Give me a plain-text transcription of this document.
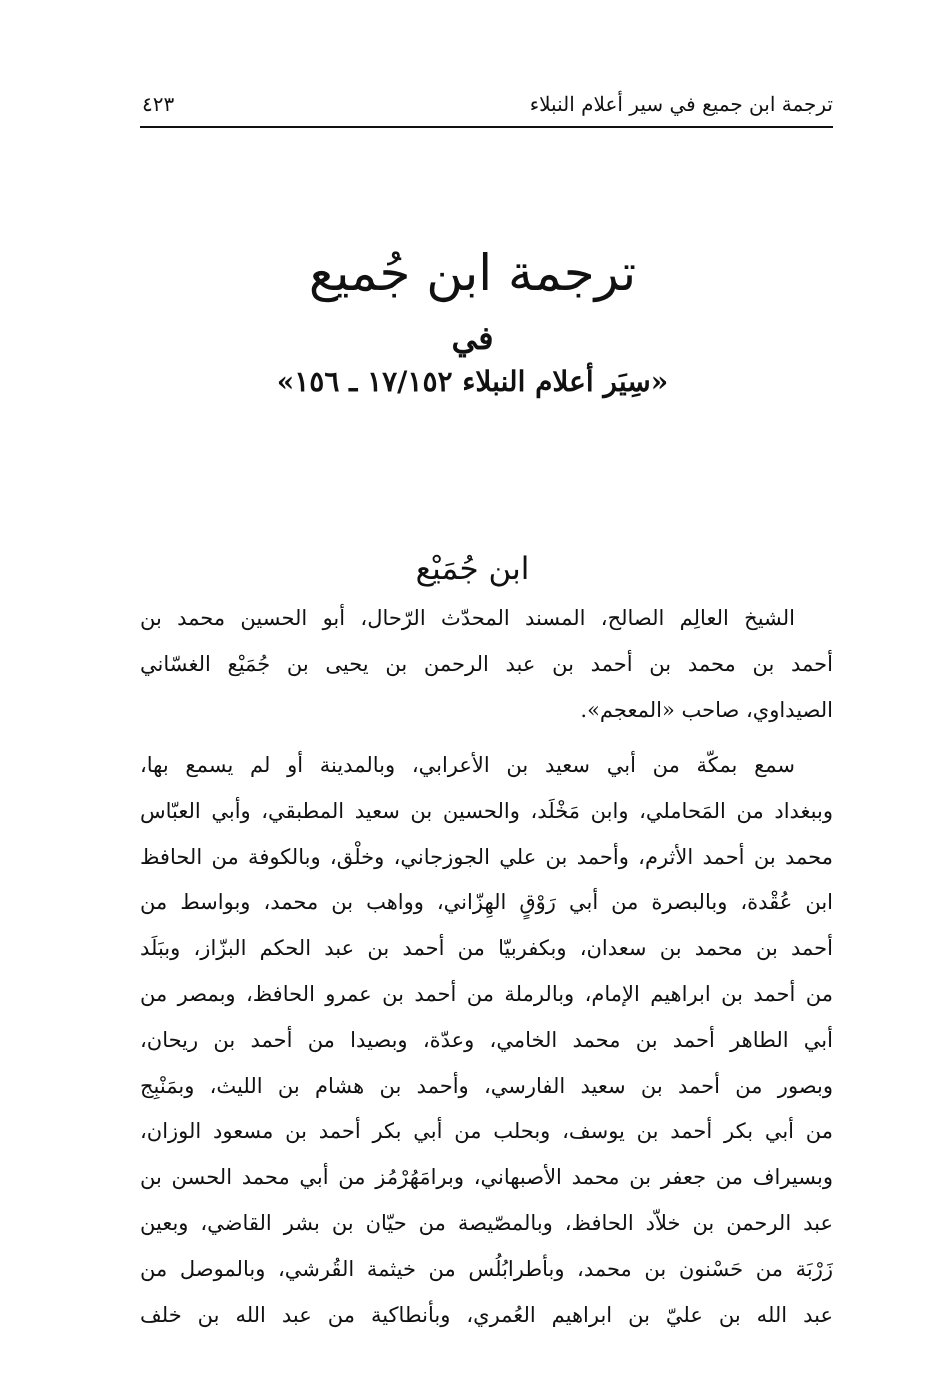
ترجمة ابن جميع في سير أعلام النبلاء
٤٢٣
ترجمة ابن جُميع
في
«سِيَر أعلام النبلاء ١٧/١٥٢ ـ ١٥٦»
ابن جُمَيْع
الشيخ العالِم الصالح، المسند المحدّث الرّحال، أبو الحسين محمد بن
أحمد بن محمد بن أحمد بن عبد الرحمن بن يحيى بن جُمَيْع الغسّاني
الصيداوي، صاحب «المعجم».
سمع بمكّة من أبي سعيد بن الأعرابي، وبالمدينة أو لم يسمع بها،
وببغداد من المَحاملي، وابن مَخْلَد، والحسين بن سعيد المطبقي، وأبي العبّاس
محمد بن أحمد الأثرم، وأحمد بن علي الجوزجاني، وخلْق، وبالكوفة من الحافظ
ابن عُقْدة، وبالبصرة من أبي رَوْقٍ الهِزّاني، وواهب بن محمد، وبواسط من
أحمد بن محمد بن سعدان، وبكفربيّا من أحمد بن عبد الحكم البزّاز، وببَلَد
من أحمد بن ابراهيم الإمام، وبالرملة من أحمد بن عمرو الحافظ، وبمصر من
أبي الطاهر أحمد بن محمد الخامي، وعدّة، وبصيدا من أحمد بن ريحان،
وبصور من أحمد بن سعيد الفارسي، وأحمد بن هشام بن الليث، وبمَنْبِج
من أبي بكر أحمد بن يوسف، وبحلب من أبي بكر أحمد بن مسعود الوزان،
وبسيراف من جعفر بن محمد الأصبهاني، وبرامَهُرْمُز من أبي محمد الحسن بن
عبد الرحمن بن خلاّد الحافظ، وبالمصّيصة من حيّان بن بشر القاضي، وبعين
زَرْبَة من حَسْنون بن محمد، وبأطرابُلُس من خيثمة القُرشي، وبالموصل من
عبد الله بن عليّ بن ابراهيم العُمري، وبأنطاكية من عبد الله بن خلف
